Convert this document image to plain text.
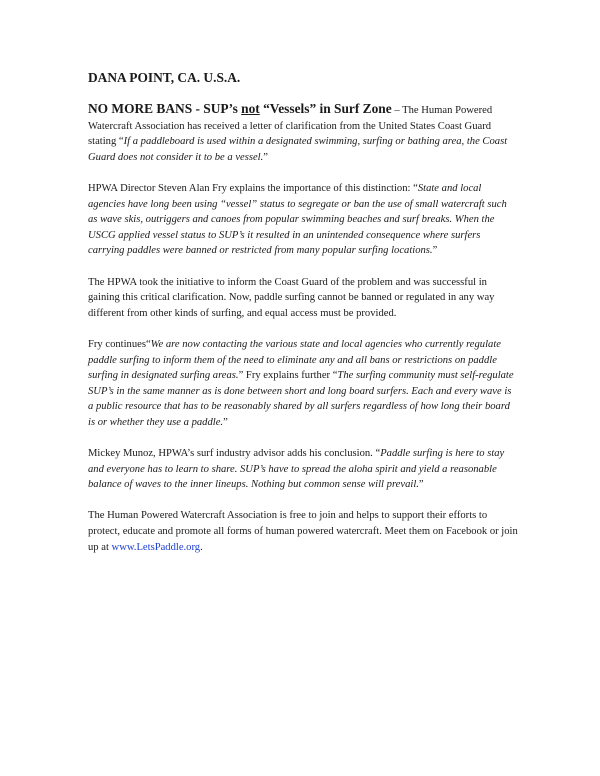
DANA POINT, CA. U.S.A.

NO MORE BANS - SUP’s not “Vessels” in Surf Zone – The Human Powered Watercraft Association has received a letter of clarification from the United States Coast Guard stating “If a paddleboard is used within a designated swimming, surfing or bathing area, the Coast Guard does not consider it to be a vessel.”

HPWA Director Steven Alan Fry explains the importance of this distinction: “State and local agencies have long been using “vessel” status to segregate or ban the use of small watercraft such as wave skis, outriggers and canoes from popular swimming beaches and surf breaks. When the USCG applied vessel status to SUP’s it resulted in an unintended consequence where surfers carrying paddles were banned or restricted from many popular surfing locations.”

The HPWA took the initiative to inform the Coast Guard of the problem and was successful in gaining this critical clarification. Now, paddle surfing cannot be banned or regulated in any way different from other kinds of surfing, and equal access must be provided.

Fry continues“We are now contacting the various state and local agencies who currently regulate paddle surfing to inform them of the need to eliminate any and all bans or restrictions on paddle surfing in designated surfing areas.” Fry explains further “The surfing community must self-regulate SUP’s in the same manner as is done between short and long board surfers. Each and every wave is a public resource that has to be reasonably shared by all surfers regardless of how long their board is or whether they use a paddle.”

Mickey Munoz, HPWA’s surf industry advisor adds his conclusion. “Paddle surfing is here to stay and everyone has to learn to share. SUP’s have to spread the aloha spirit and yield a reasonable balance of waves to the inner lineups. Nothing but common sense will prevail.”

The Human Powered Watercraft Association is free to join and helps to support their efforts to protect, educate and promote all forms of human powered watercraft. Meet them on Facebook or join up at www.LetsPaddle.org.
